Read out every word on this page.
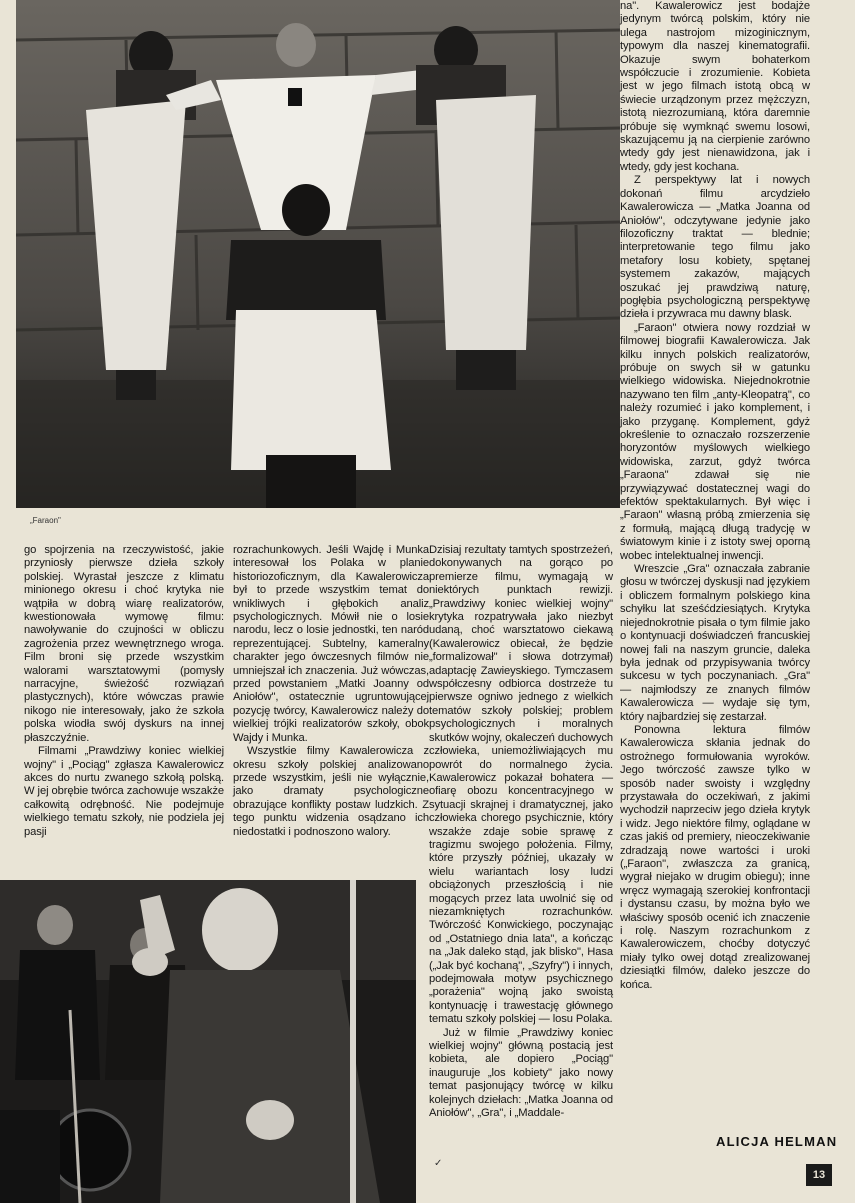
„Faraon"

go spojrzenia na rzeczywistość, jakie przyniosły pierwsze dzieła szkoły polskiej. Wyrastał jeszcze z klimatu minionego okresu i choć krytyka nie wątpiła w dobrą wiarę realizatorów, kwestionowała wymowę filmu: nawoływanie do czujności w obliczu zagrożenia przez wewnętrznego wroga. Film broni się przede wszystkim walorami warsztatowymi (pomysły narracyjne, świeżość rozwiązań plastycznych), które wówczas prawie nikogo nie interesowały, jako że szkoła polska wiodła swój dyskurs na innej płaszczyźnie.

Filmami „Prawdziwy koniec wielkiej wojny" i „Pociąg" zgłasza Kawalerowicz akces do nurtu zwanego szkołą polską. W jej obrębie twórca zachowuje wszakże całkowitą odrębność. Nie podejmuje wielkiego tematu szkoły, nie podziela jej pasji

rozrachunkowych. Jeśli Wajdę i Munka interesował los Polaka w planie historiozoficznym, dla Kawalerowicza był to przede wszystkim temat do wnikliwych i głębokich analiz psychologicznych. Mówił nie o losie narodu, lecz o losie jednostki, ten naród reprezentującej. Subtelny, kameralny charakter jego ówczesnych filmów nie umniejszał ich znaczenia. Już wówczas, przed powstaniem „Matki Joanny od Aniołów", ostatecznie ugruntowującej pozycję twórcy, Kawalerowicz należy do wielkiej trójki realizatorów szkoły, obok Wajdy i Munka.

Wszystkie filmy Kawalerowicza z okresu szkoły polskiej analizowano przede wszystkim, jeśli nie wyłącznie, jako dramaty psychologiczne obrazujące konflikty postaw ludzkich. Z tego punktu widzenia osądzano ich niedostatki i podnoszono walory.

Dzisiaj rezultaty tamtych spostrzeżeń, dokonywanych na gorąco po premierze filmu, wymagają w niektórych punktach rewizji. „Prawdziwy koniec wielkiej wojny" krytyka rozpatrywała jako niezbyt udaną, choć warsztatowo ciekawą (Kawalerowicz obiecał, że będzie „formalizował" i słowa dotrzymał) adaptację Zawieyskiego. Tymczasem współczesny odbiorca dostrzeże tu pierwsze ogniwo jednego z wielkich tematów szkoły polskiej; problem psychologicznych i moralnych skutków wojny, okaleczeń duchowych człowieka, uniemożliwiających mu powrót do normalnego życia. Kawalerowicz pokazał bohatera — ofiarę obozu koncentracyjnego w sytuacji skrajnej i dramatycznej, jako człowieka chorego psychicznie, który wszakże zdaje sobie sprawę z tragizmu swojego położenia. Filmy, które przyszły później, ukazały w wielu wariantach losy ludzi obciążonych przeszłością i nie mogących przez lata uwolnić się od niezamkniętych rozrachunków. Twórczość Konwickiego, poczynając od „Ostatniego dnia lata", a kończąc na „Jak daleko stąd, jak blisko", Hasa („Jak być kochaną", „Szyfry") i innych, podejmowała motyw psychicznego „porażenia" wojną jako swoistą kontynuację i trawestację głównego tematu szkoły polskiej — losu Polaka.

Już w filmie „Prawdziwy koniec wielkiej wojny" główną postacią jest kobieta, ale dopiero „Pociąg" inauguruje „los kobiety" jako nowy temat pasjonujący twórcę w kilku kolejnych dziełach: „Matka Joanna od Aniołów", „Gra", i „Maddale-

na". Kawalerowicz jest bodajże jedynym twórcą polskim, który nie ulega nastrojom mizoginicznym, typowym dla naszej kinematografii. Okazuje swym bohaterkom współczucie i zrozumienie. Kobieta jest w jego filmach istotą obcą w świecie urządzonym przez mężczyzn, istotą niezrozumianą, która daremnie próbuje się wymknąć swemu losowi, skazującemu ją na cierpienie zarówno wtedy gdy jest nienawidzona, jak i wtedy, gdy jest kochana.

Z perspektywy lat i nowych dokonań filmu arcydzieło Kawalerowicza — „Matka Joanna od Aniołów", odczytywane jedynie jako filozoficzny traktat — blednie; interpretowanie tego filmu jako metafory losu kobiety, spętanej systemem zakazów, mających oszukać jej prawdziwą naturę, pogłębia psychologiczną perspektywę dzieła i przywraca mu dawny blask.

„Faraon" otwiera nowy rozdział w filmowej biografii Kawalerowicza. Jak kilku innych polskich realizatorów, próbuje on swych sił w gatunku wielkiego widowiska. Niejednokrotnie nazywano ten film „anty-Kleopatrą", co należy rozumieć i jako komplement, i jako przyganę. Komplement, gdyż określenie to oznaczało rozszerzenie horyzontów myślowych wielkiego widowiska, zarzut, gdyż twórca „Faraona" zdawał się nie przywiązywać dostatecznej wagi do efektów spektakularnych. Był więc i „Faraon" własną próbą zmierzenia się z formułą, mającą długą tradycję w światowym kinie i z istoty swej oporną wobec intelektualnej inwencji.

Wreszcie „Gra" oznaczała zabranie głosu w twórczej dyskusji nad językiem i obliczem formalnym polskiego kina schyłku lat sześćdziesiątych. Krytyka niejednokrotnie pisała o tym filmie jako o kontynuacji doświadczeń francuskiej nowej fali na naszym gruncie, daleka była jednak od przypisywania twórcy sukcesu w tych poczynaniach. „Gra" — najmłodszy ze znanych filmów Kawalerowicza — wydaje się tym, który najbardziej się zestarzał.

Ponowna lektura filmów Kawalerowicza skłania jednak do ostrożnego formułowania wyroków. Jego twórczość zawsze tylko w sposób nader swoisty i względny przystawała do oczekiwań, z jakimi wychodził naprzeciw jego dzieła krytyk i widz. Jego niektóre filmy, oglądane w czas jakiś od premiery, nieoczekiwanie zdradzają nowe wartości i uroki („Faraon", zwłaszcza za granicą, wygrał niejako w drugim obiegu); inne wręcz wymagają szerokiej konfrontacji i dystansu czasu, by można było we właściwy sposób ocenić ich znaczenie i rolę. Naszym rozrachunkom z Kawalerowiczem, choćby dotyczyć miały tylko owej dotąd zrealizowanej dziesiątki filmów, daleko jeszcze do końca.

ALICJA HELMAN
✓
13
